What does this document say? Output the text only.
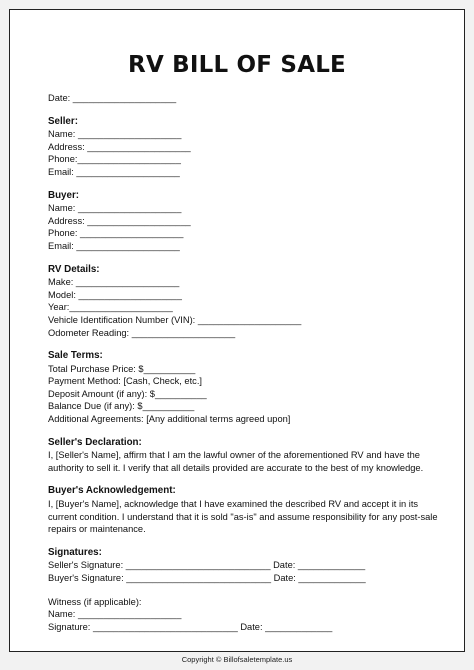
RV BILL OF SALE
Date: ____________________
Seller:
Name: ____________________
Address: ____________________
Phone:____________________
Email: ____________________
Buyer:
Name: ____________________
Address: ____________________
Phone: ____________________
Email: ____________________
RV Details:
Make: ____________________
Model: ____________________
Year:____________________
Vehicle Identification Number (VIN): ____________________
Odometer Reading: ____________________
Sale Terms:
Total Purchase Price: $__________
Payment Method: [Cash, Check, etc.]
Deposit Amount (if any): $__________
Balance Due (if any): $__________
Additional Agreements: [Any additional terms agreed upon]
Seller's Declaration:
I, [Seller's Name], affirm that I am the lawful owner of the aforementioned RV and have the authority to sell it. I verify that all details provided are accurate to the best of my knowledge.
Buyer's Acknowledgement:
I, [Buyer's Name], acknowledge that I have examined the described RV and accept it in its current condition. I understand that it is sold "as-is" and assume responsibility for any post-sale repairs or maintenance.
Signatures:
Seller's Signature: ____________________________ Date: _____________
Buyer's Signature: ____________________________ Date: _____________
Witness (if applicable):
Name: ____________________
Signature: ____________________________ Date: _____________
Copyright © Billofsaletemplate.us
